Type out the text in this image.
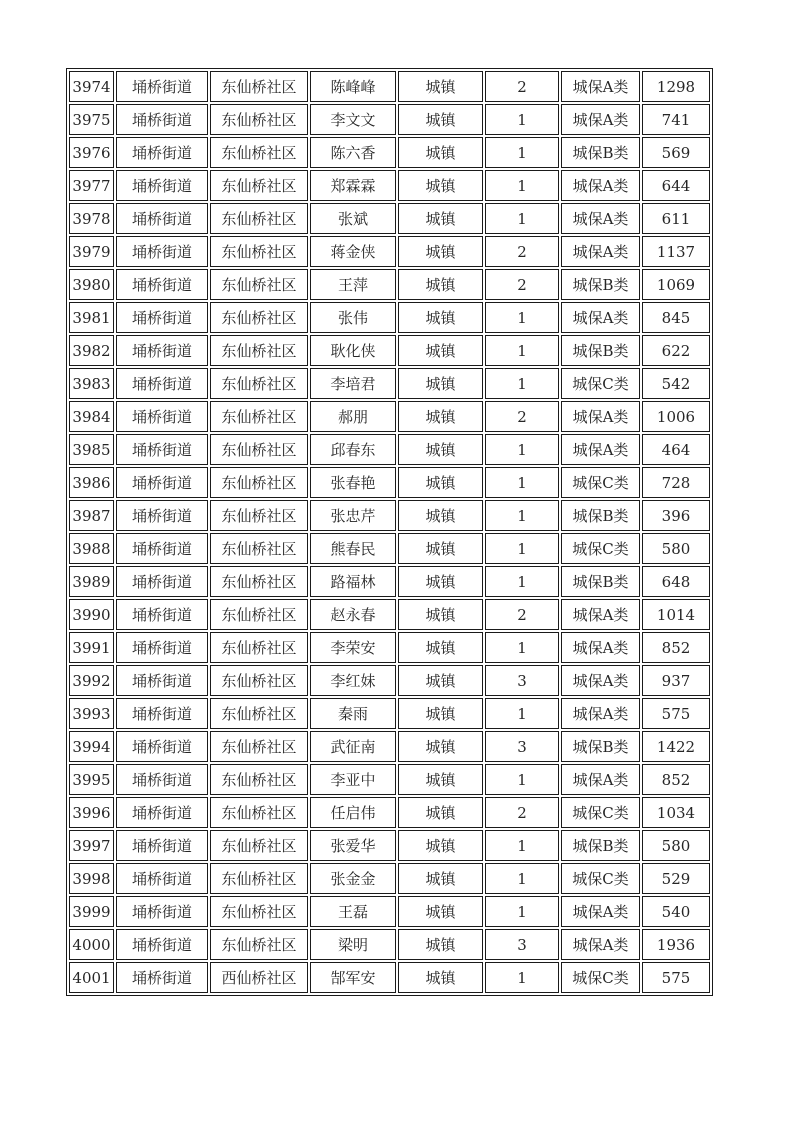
3974	埇桥街道	东仙桥社区	陈峰峰	城镇	2	城保A类	1298
3975	埇桥街道	东仙桥社区	李文文	城镇	1	城保A类	741
3976	埇桥街道	东仙桥社区	陈六香	城镇	1	城保B类	569
3977	埇桥街道	东仙桥社区	郑霖霖	城镇	1	城保A类	644
3978	埇桥街道	东仙桥社区	张斌	城镇	1	城保A类	611
3979	埇桥街道	东仙桥社区	蒋金侠	城镇	2	城保A类	1137
3980	埇桥街道	东仙桥社区	王萍	城镇	2	城保B类	1069
3981	埇桥街道	东仙桥社区	张伟	城镇	1	城保A类	845
3982	埇桥街道	东仙桥社区	耿化侠	城镇	1	城保B类	622
3983	埇桥街道	东仙桥社区	李培君	城镇	1	城保C类	542
3984	埇桥街道	东仙桥社区	郝朋	城镇	2	城保A类	1006
3985	埇桥街道	东仙桥社区	邱春东	城镇	1	城保A类	464
3986	埇桥街道	东仙桥社区	张春艳	城镇	1	城保C类	728
3987	埇桥街道	东仙桥社区	张忠芹	城镇	1	城保B类	396
3988	埇桥街道	东仙桥社区	熊春民	城镇	1	城保C类	580
3989	埇桥街道	东仙桥社区	路福林	城镇	1	城保B类	648
3990	埇桥街道	东仙桥社区	赵永春	城镇	2	城保A类	1014
3991	埇桥街道	东仙桥社区	李荣安	城镇	1	城保A类	852
3992	埇桥街道	东仙桥社区	李红妹	城镇	3	城保A类	937
3993	埇桥街道	东仙桥社区	秦雨	城镇	1	城保A类	575
3994	埇桥街道	东仙桥社区	武征南	城镇	3	城保B类	1422
3995	埇桥街道	东仙桥社区	李亚中	城镇	1	城保A类	852
3996	埇桥街道	东仙桥社区	任启伟	城镇	2	城保C类	1034
3997	埇桥街道	东仙桥社区	张爱华	城镇	1	城保B类	580
3998	埇桥街道	东仙桥社区	张金金	城镇	1	城保C类	529
3999	埇桥街道	东仙桥社区	王磊	城镇	1	城保A类	540
4000	埇桥街道	东仙桥社区	梁明	城镇	3	城保A类	1936
4001	埇桥街道	西仙桥社区	郜军安	城镇	1	城保C类	575
